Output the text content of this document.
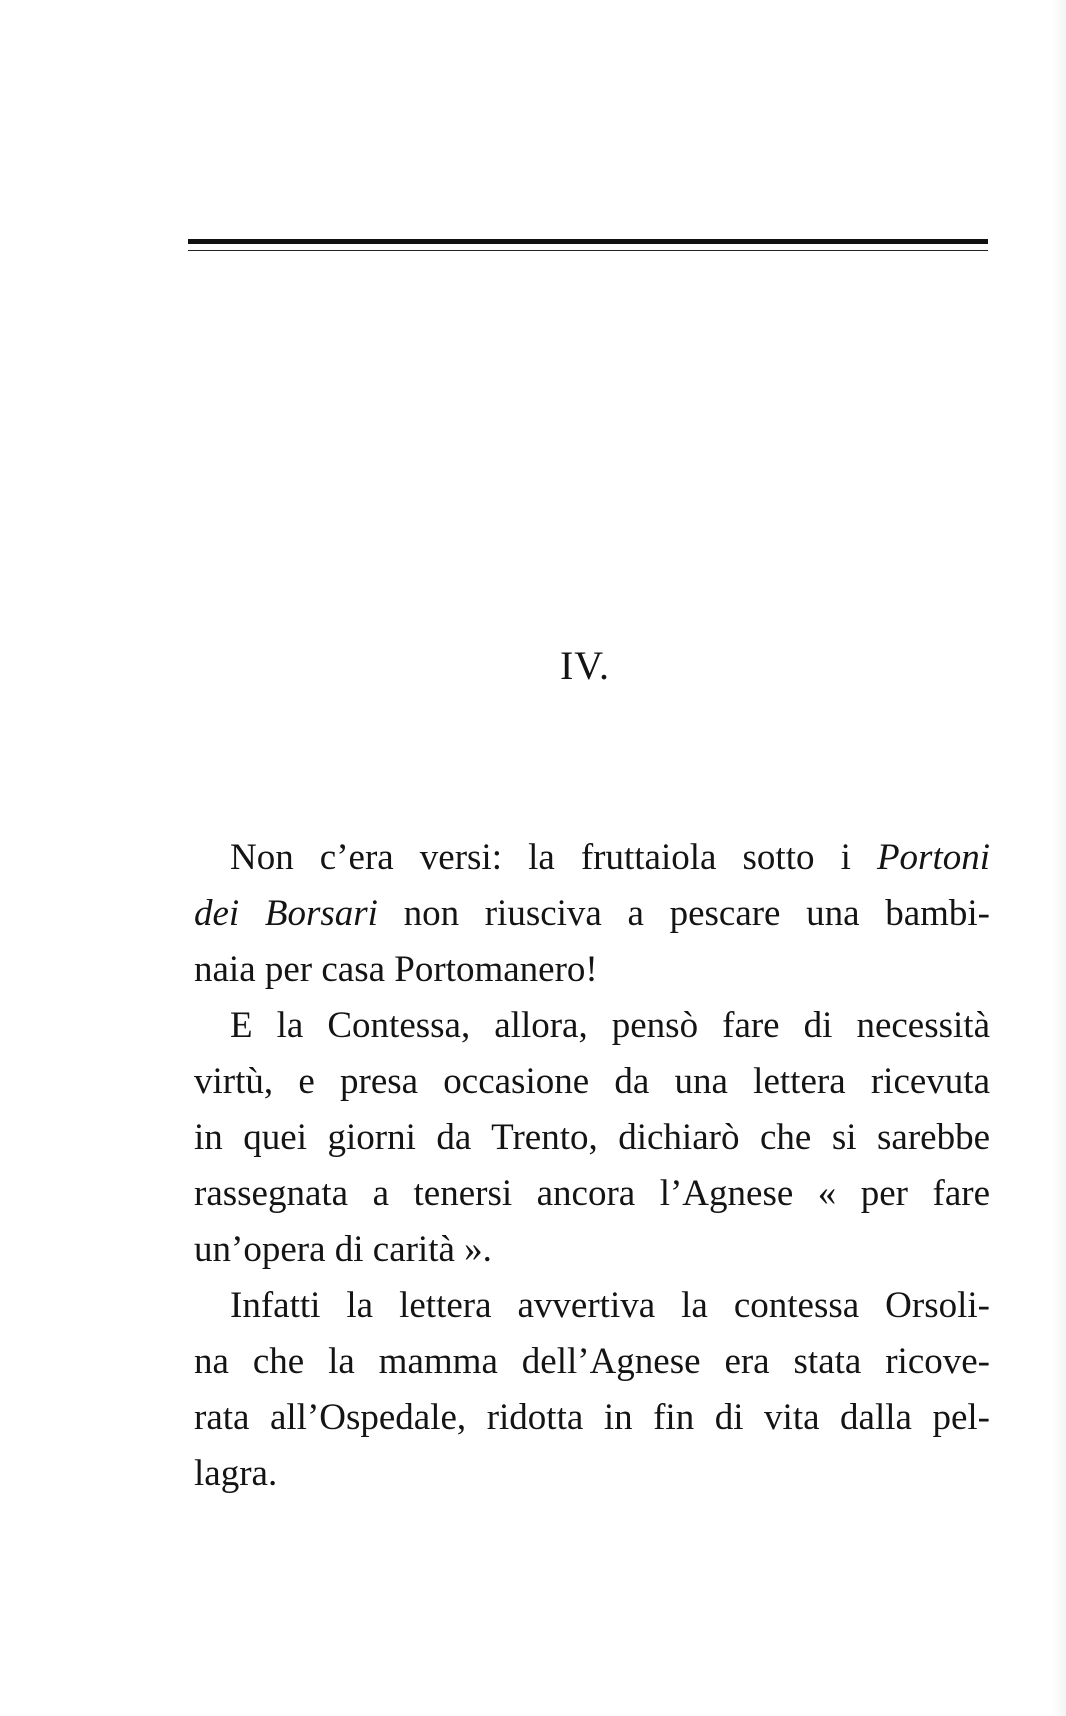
IV.
Non c’era versi: la fruttaiola sotto i Portoni
dei Borsari non riusciva a pescare una bambi-
naia per casa Portomanero!
E la Contessa, allora, pensò fare di necessità
virtù, e presa occasione da una lettera ricevuta
in quei giorni da Trento, dichiarò che si sarebbe
rassegnata a tenersi ancora l’Agnese « per fare
un’opera di carità ».
Infatti la lettera avvertiva la contessa Orsoli-
na che la mamma dell’Agnese era stata ricove-
rata all’Ospedale, ridotta in fin di vita dalla pel-
lagra.
